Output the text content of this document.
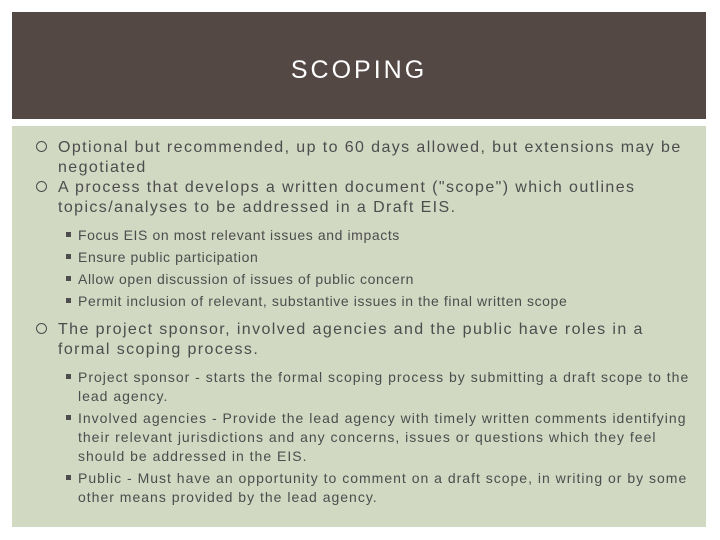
SCOPING
Optional but recommended, up to 60 days allowed, but extensions may be negotiated
A process that develops a written document ("scope") which outlines topics/analyses to be addressed in a Draft EIS.
Focus EIS on most relevant issues and impacts
Ensure public participation
Allow open discussion of issues of public concern
Permit inclusion of relevant, substantive issues in the final written scope
The project sponsor, involved agencies and the public have roles in a formal scoping process.
Project sponsor - starts the formal scoping process by submitting a draft scope to the lead agency.
Involved agencies - Provide the lead agency with timely written comments identifying their relevant jurisdictions and any concerns, issues or questions which they feel should be addressed in the EIS.
Public - Must have an opportunity to comment on a draft scope, in writing or by some other means provided by the lead agency.
